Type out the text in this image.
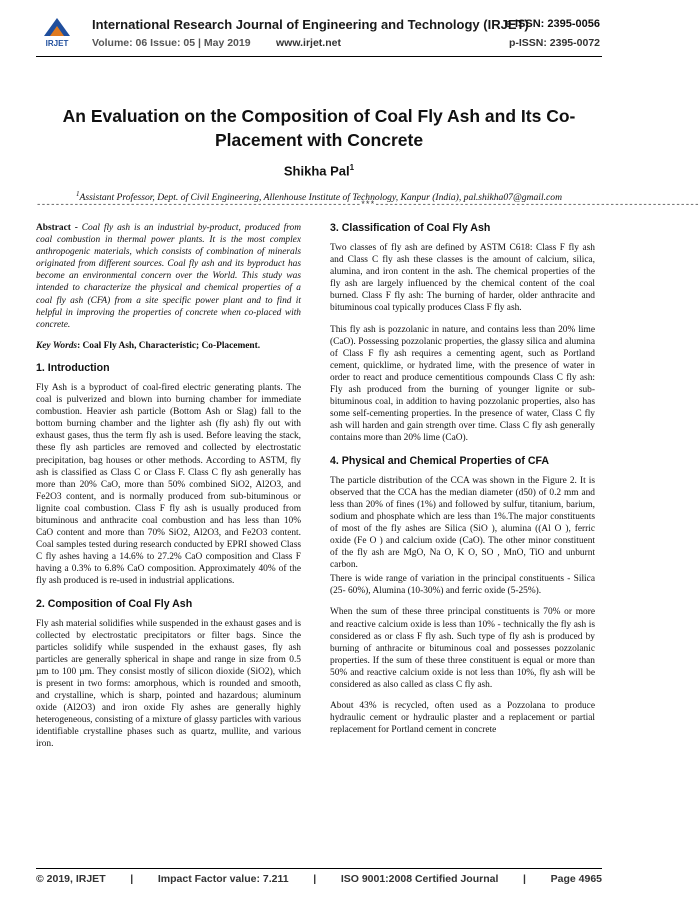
IRJET
International Research Journal of Engineering and Technology (IRJET)
e-ISSN: 2395-0056
Volume: 06 Issue: 05 | May 2019 www.irjet.net	p-ISSN: 2395-0072
An Evaluation on the Composition of Coal Fly Ash and Its Co-Placement with Concrete
Shikha Pal$^1$
$^1$Assistant Professor, Dept. of Civil Engineering, Allenhouse Institute of Technology, Kanpur (India), pal.shikha07@gmail.com
---------------------------------------------------------------------***---------------------------------------------------------------------

Abstract - Coal fly ash is an industrial by-product, produced from coal combustion in thermal power plants. It is the most complex anthropogenic materials, which consists of combination of minerals originated from different sources. Coal fly ash and its byproduct has become an environmental concern over the World. This study was intended to characterize the physical and chemical properties of a coal fly ash (CFA) from a site specific power plant and to find it helpful in improving the properties of concrete when co-placed with concrete.

Key Words: Coal Fly Ash, Characteristic; Co-Placement.

1. Introduction

Fly Ash is a byproduct of coal-fired electric generating plants. The coal is pulverized and blown into burning chamber for immediate combustion. Heavier ash particle (Bottom Ash or Slag) fall to the bottom burning chamber and the lighter ash (fly ash) fly out with exhaust gases, thus the term fly ash is used. Before leaving the stack, these fly ash particles are removed and collected by electrostatic precipitation, bag houses or other methods. According to ASTM, fly ash is classified as Class C or Class F. Class C fly ash generally has more than 20% CaO, more than 50% combined SiO2, Al2O3, and Fe2O3 content, and is normally produced from sub-bituminous or lignite coal combustion. Class F fly ash is usually produced from bituminous and anthracite coal combustion and has less than 10% CaO content and more than 70% SiO2, Al2O3, and Fe2O3 content. Coal samples tested during research conducted by EPRI showed Class C fly ashes having a 14.6% to 27.2% CaO composition and Class F having a 0.3% to 6.8% CaO composition. Approximately 40% of the fly ash produced is re-used in industrial applications.

2. Composition of Coal Fly Ash

Fly ash material solidifies while suspended in the exhaust gases and is collected by electrostatic precipitators or filter bags. Since the particles solidify while suspended in the exhaust gases, fly ash particles are generally spherical in shape and range in size from 0.5 µm to 100 µm. They consist mostly of silicon dioxide (SiO2), which is present in two forms: amorphous, which is rounded and smooth, and crystalline, which is sharp, pointed and hazardous; aluminum oxide (Al2O3) and iron oxide Fly ashes are generally highly heterogeneous, consisting of a mixture of glassy particles with various identifiable crystalline phases such as quartz, mullite, and various iron.

3. Classification of Coal Fly Ash

Two classes of fly ash are defined by ASTM C618: Class F fly ash and Class C fly ash these classes is the amount of calcium, silica, alumina, and iron content in the ash. The chemical properties of the fly ash are largely influenced by the chemical content of the coal burned. Class F fly ash: The burning of harder, older anthracite and bituminous coal typically produces Class F fly ash.

This fly ash is pozzolanic in nature, and contains less than 20% lime (CaO). Possessing pozzolanic properties, the glassy silica and alumina of Class F fly ash requires a cementing agent, such as Portland cement, quicklime, or hydrated lime, with the presence of water in order to react and produce cementitious compounds Class C fly ash: Fly ash produced from the burning of younger lignite or sub-bituminous coal, in addition to having pozzolanic properties, also has some self-cementing properties. In the presence of water, Class C fly ash will harden and gain strength over time. Class C fly ash generally contains more than 20% lime (CaO).

4. Physical and Chemical Properties of CFA

The particle distribution of the CCA was shown in the Figure 2. It is observed that the CCA has the median diameter (d50) of 0.2 mm and less than 20% of fines (1%) and followed by sulfur, titanium, barium, sodium and phosphate which are less than 1%.The major constituents of most of the fly ashes are Silica (SiO ), alumina ((Al O ), ferric oxide (Fe O ) and calcium oxide (CaO). The other minor constituent of the fly ash are MgO, Na O, K O, SO , MnO, TiO and unburnt carbon.

There is wide range of variation in the principal constituents - Silica (25- 60%), Alumina (10-30%) and ferric oxide (5-25%).

When the sum of these three principal constituents is 70% or more and reactive calcium oxide is less than 10% - technically the fly ash is considered as or class F fly ash. Such type of fly ash is produced by burning of anthracite or bituminous coal and possesses pozzolanic properties. If the sum of these three constituent is equal or more than 50% and reactive calcium oxide is not less than 10%, fly ash will be considered as also called as class C fly ash.

About 43% is recycled, often used as a Pozzolana to produce hydraulic cement or hydraulic plaster and a replacement or partial replacement for Portland cement in concrete

© 2019, IRJET | Impact Factor value: 7.211 | ISO 9001:2008 Certified Journal | Page 4965
